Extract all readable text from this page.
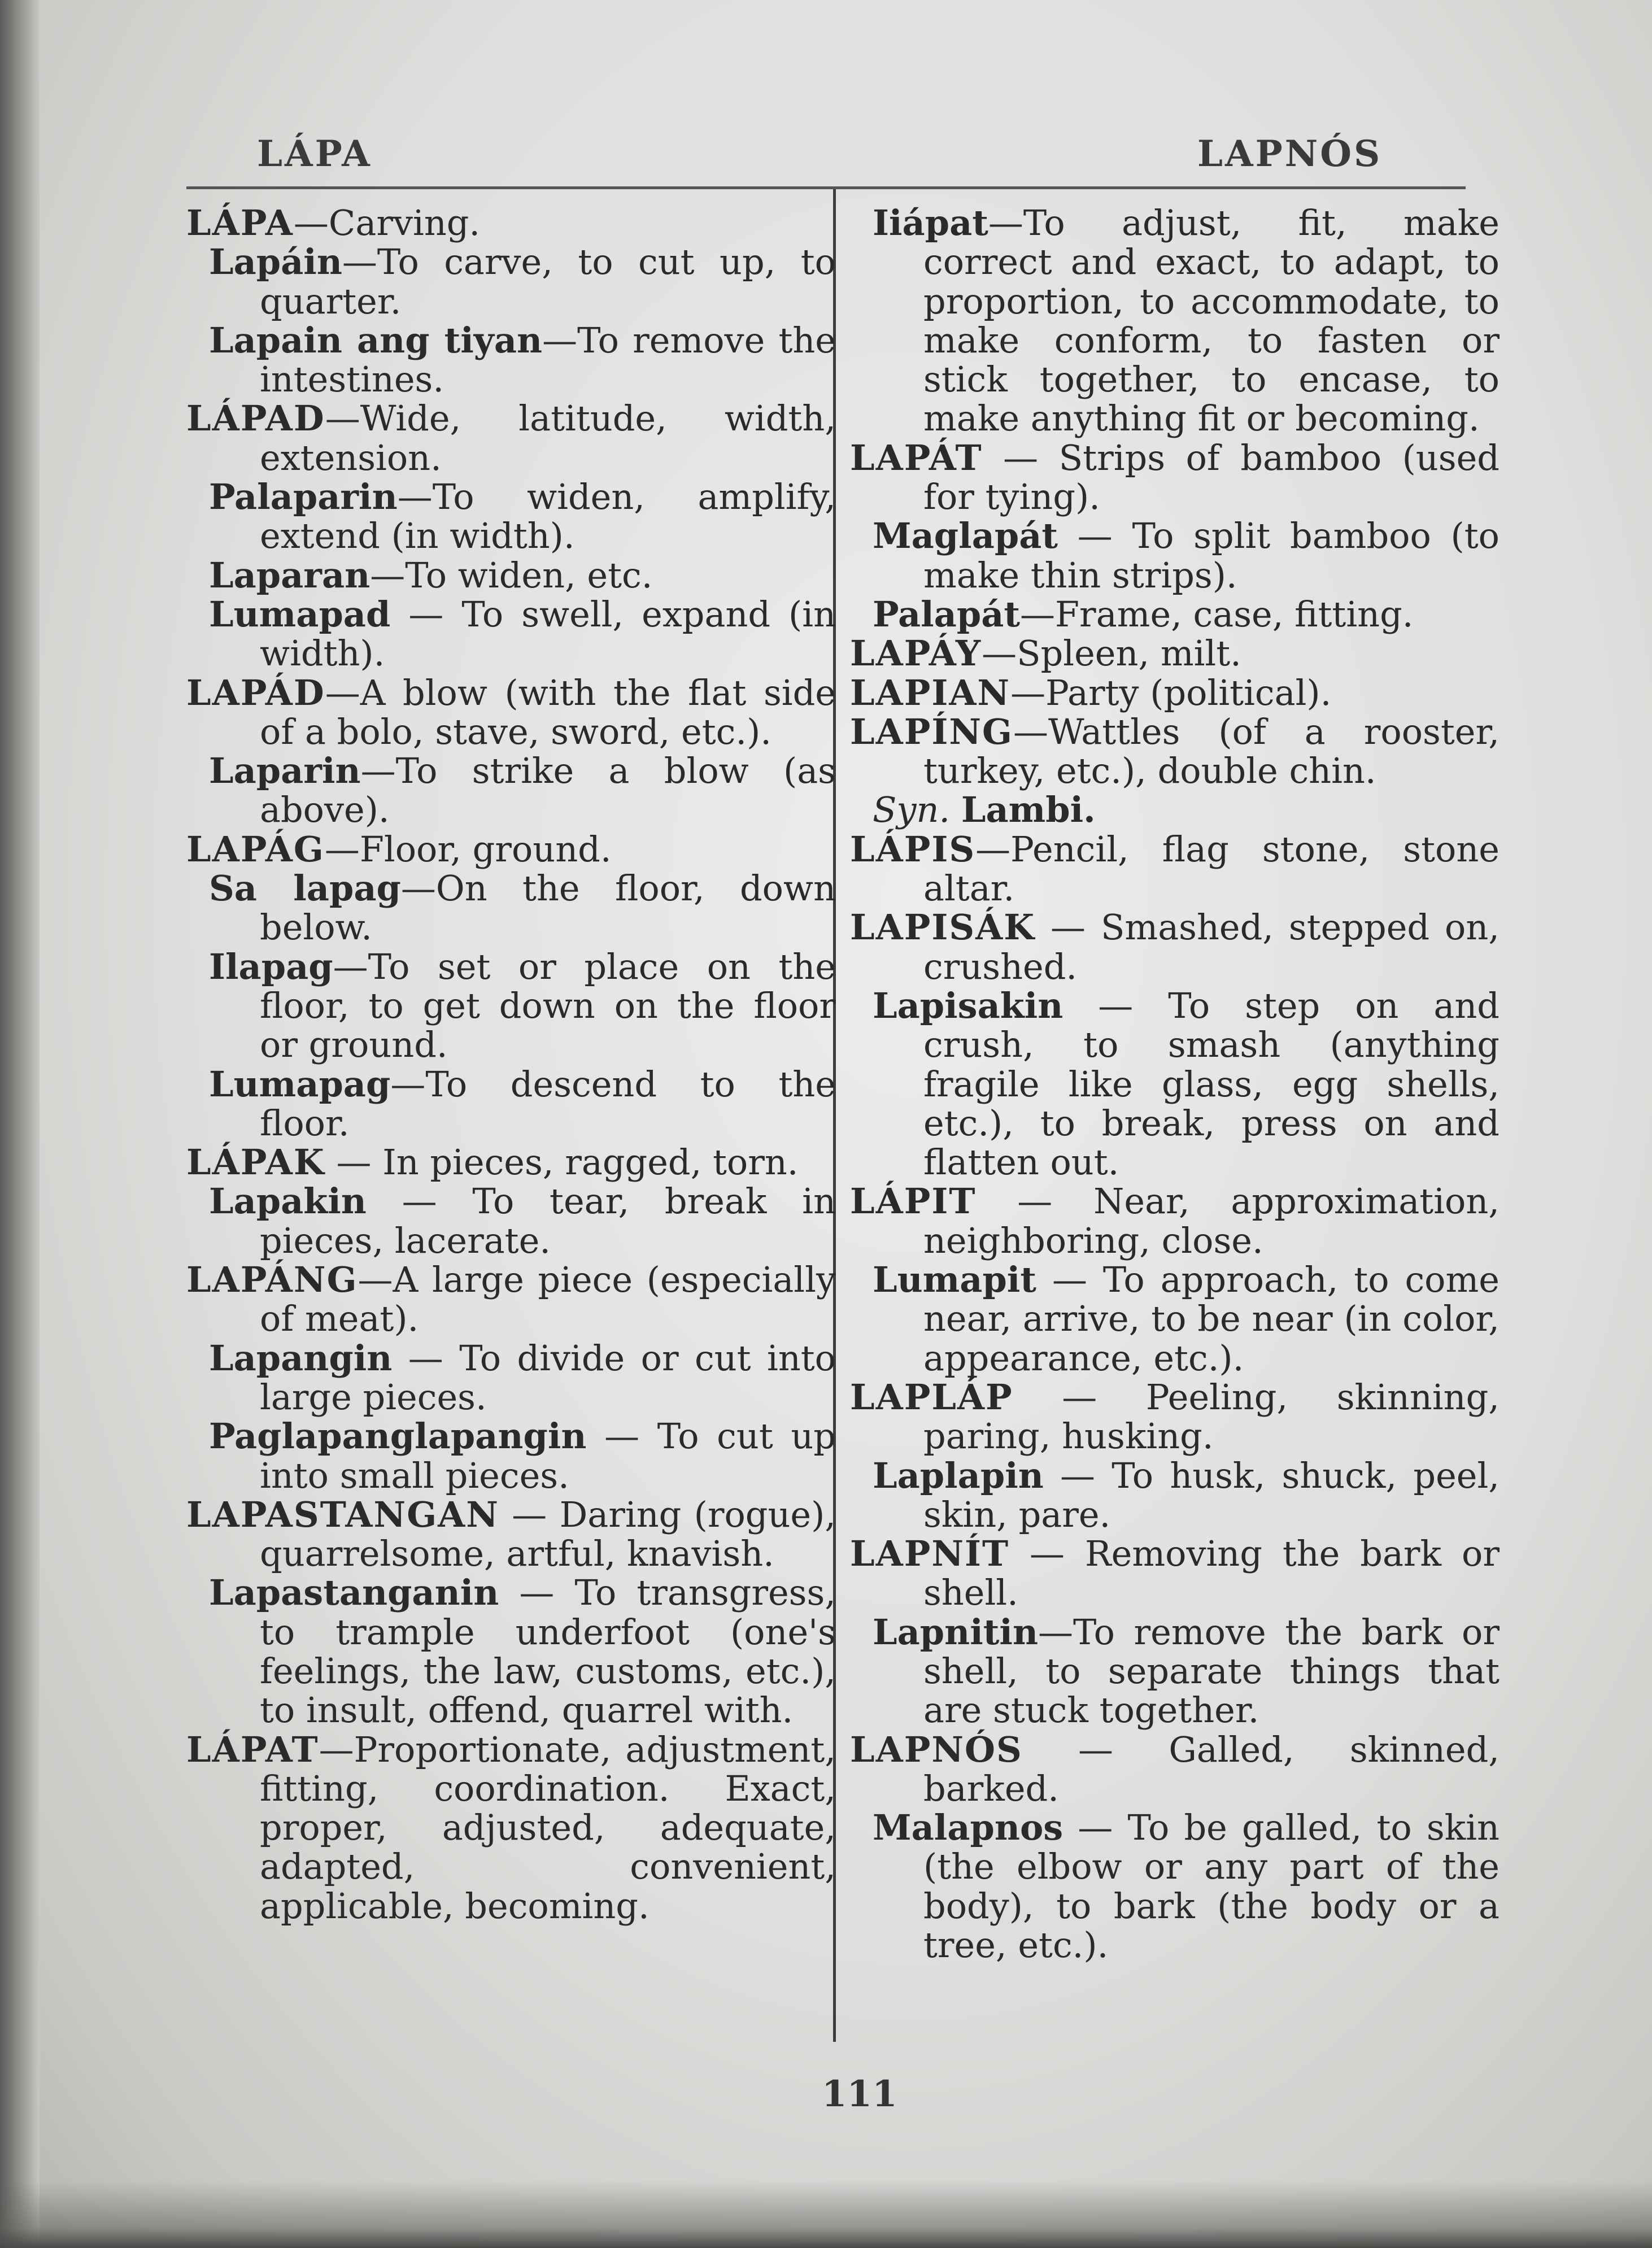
LÁPA	LAPNÓS
LÁPA—Carving.
Lapáin—To carve, to cut up, to quarter.
Lapain ang tiyan—To remove the intestines.
LÁPAD—Wide, latitude, width, extension.
Palaparin—To widen, amplify, extend (in width).
Laparan—To widen, etc.
Lumapad — To swell, expand (in width).
LAPÁD—A blow (with the flat side of a bolo, stave, sword, etc.).
Laparin—To strike a blow (as above).
LAPÁG—Floor, ground.
Sa lapag—On the floor, down below.
Ilapag—To set or place on the floor, to get down on the floor or ground.
Lumapag—To descend to the floor.
LÁPAK — In pieces, ragged, torn.
Lapakin — To tear, break in pieces, lacerate.
LAPÁNG—A large piece (especially of meat).
Lapangin — To divide or cut into large pieces.
Paglapanglapangin — To cut up into small pieces.
LAPASTANGAN — Daring (rogue), quarrelsome, artful, knavish.
Lapastanganin — To transgress, to trample underfoot (one's feelings, the law, customs, etc.), to insult, offend, quarrel with.
LÁPAT—Proportionate, adjustment, fitting, coordination. Exact, proper, adjusted, adequate, adapted, convenient, applicable, becoming.
Iiápat—To adjust, fit, make correct and exact, to adapt, to proportion, to accommodate, to make conform, to fasten or stick together, to encase, to make anything fit or becoming.
LAPÁT — Strips of bamboo (used for tying).
Maglapát — To split bamboo (to make thin strips).
Palapát—Frame, case, fitting.
LAPÁY—Spleen, milt.
LAPIAN—Party (political).
LAPÍNG—Wattles (of a rooster, turkey, etc.), double chin.
Syn. Lambi.
LÁPIS—Pencil, flag stone, stone altar.
LAPISÁK — Smashed, stepped on, crushed.
Lapisakin — To step on and crush, to smash (anything fragile like glass, egg shells, etc.), to break, press on and flatten out.
LÁPIT — Near, approximation, neighboring, close.
Lumapit — To approach, to come near, arrive, to be near (in color, appearance, etc.).
LAPLÁP — Peeling, skinning, paring, husking.
Laplapin — To husk, shuck, peel, skin, pare.
LAPNÍT — Removing the bark or shell.
Lapnitin—To remove the bark or shell, to separate things that are stuck together.
LAPNÓS — Galled, skinned, barked.
Malapnos — To be galled, to skin (the elbow or any part of the body), to bark (the body or a tree, etc.).
111
